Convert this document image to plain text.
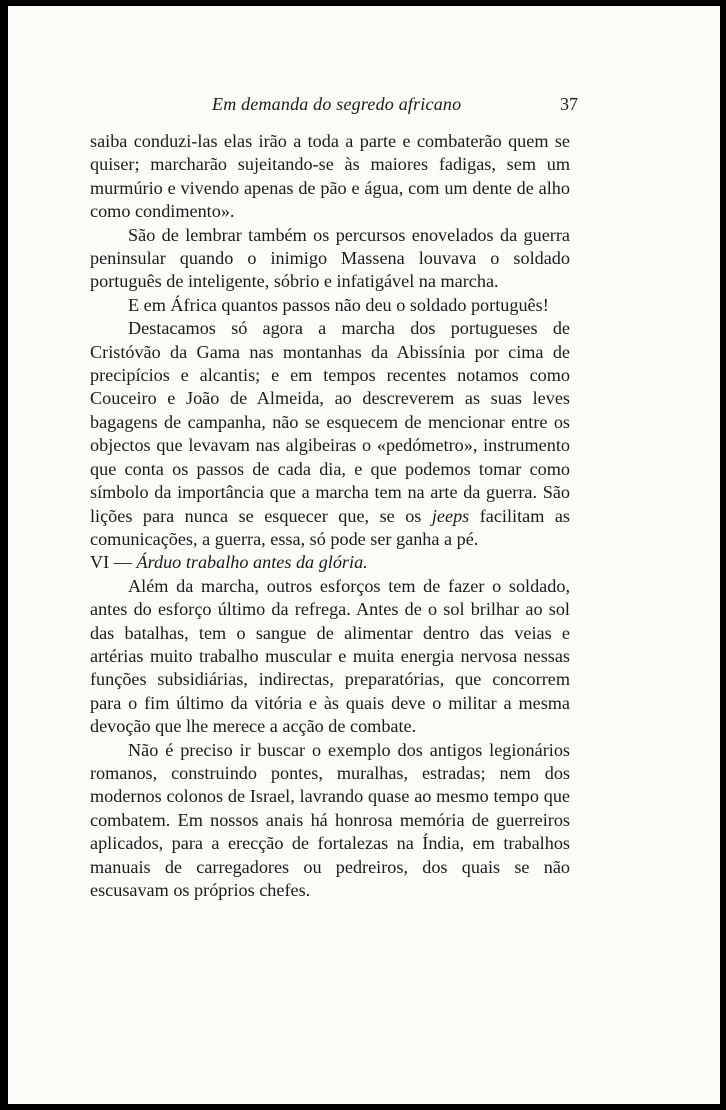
Em demanda do segredo africano	37

saiba conduzi-las elas irão a toda a parte e combaterão quem se quiser; marcharão sujeitando-se às maiores fadigas, sem um murmúrio e vivendo apenas de pão e água, com um dente de alho como condimento».

São de lembrar também os percursos enovelados da guerra peninsular quando o inimigo Massena louvava o soldado português de inteligente, sóbrio e infatigável na marcha.

E em África quantos passos não deu o soldado português!

Destacamos só agora a marcha dos portugueses de Cristóvão da Gama nas montanhas da Abissínia por cima de precipícios e alcantis; e em tempos recentes notamos como Couceiro e João de Almeida, ao descreverem as suas leves bagagens de campanha, não se esquecem de mencionar entre os objectos que levavam nas algibeiras o «pedómetro», instrumento que conta os passos de cada dia, e que podemos tomar como símbolo da importância que a marcha tem na arte da guerra. São lições para nunca se esquecer que, se os jeeps facilitam as comunicações, a guerra, essa, só pode ser ganha a pé.

VI — Árduo trabalho antes da glória.

Além da marcha, outros esforços tem de fazer o soldado, antes do esforço último da refrega. Antes de o sol brilhar ao sol das batalhas, tem o sangue de alimentar dentro das veias e artérias muito trabalho muscular e muita energia nervosa nessas funções subsidiárias, indirectas, preparatórias, que concorrem para o fim último da vitória e às quais deve o militar a mesma devoção que lhe merece a acção de combate.

Não é preciso ir buscar o exemplo dos antigos legionários romanos, construindo pontes, muralhas, estradas; nem dos modernos colonos de Israel, lavrando quase ao mesmo tempo que combatem. Em nossos anais há honrosa memória de guerreiros aplicados, para a erecção de fortalezas na Índia, em trabalhos manuais de carregadores ou pedreiros, dos quais se não escusavam os próprios chefes.
